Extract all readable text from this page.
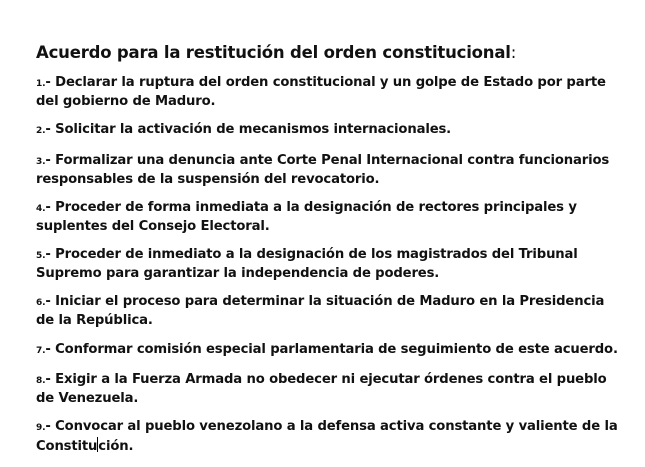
Acuerdo para la restitución del orden constitucional:
1.- Declarar la ruptura del orden constitucional y un golpe de Estado por parte del gobierno de Maduro.
2.- Solicitar la activación de mecanismos internacionales.
3.- Formalizar una denuncia ante Corte Penal Internacional contra funcionarios responsables de la suspensión del revocatorio.
4.- Proceder de forma inmediata a la designación de rectores principales y suplentes del Consejo Electoral.
5.- Proceder de inmediato a la designación de los magistrados del Tribunal Supremo para garantizar la independencia de poderes.
6.- Iniciar el proceso para determinar la situación de Maduro en la Presidencia de la República.
7.- Conformar comisión especial parlamentaria de seguimiento de este acuerdo.
8.- Exigir a la Fuerza Armada no obedecer ni ejecutar órdenes contra el pueblo de Venezuela.
9.- Convocar al pueblo venezolano a la defensa activa constante y valiente de la Constitución.
